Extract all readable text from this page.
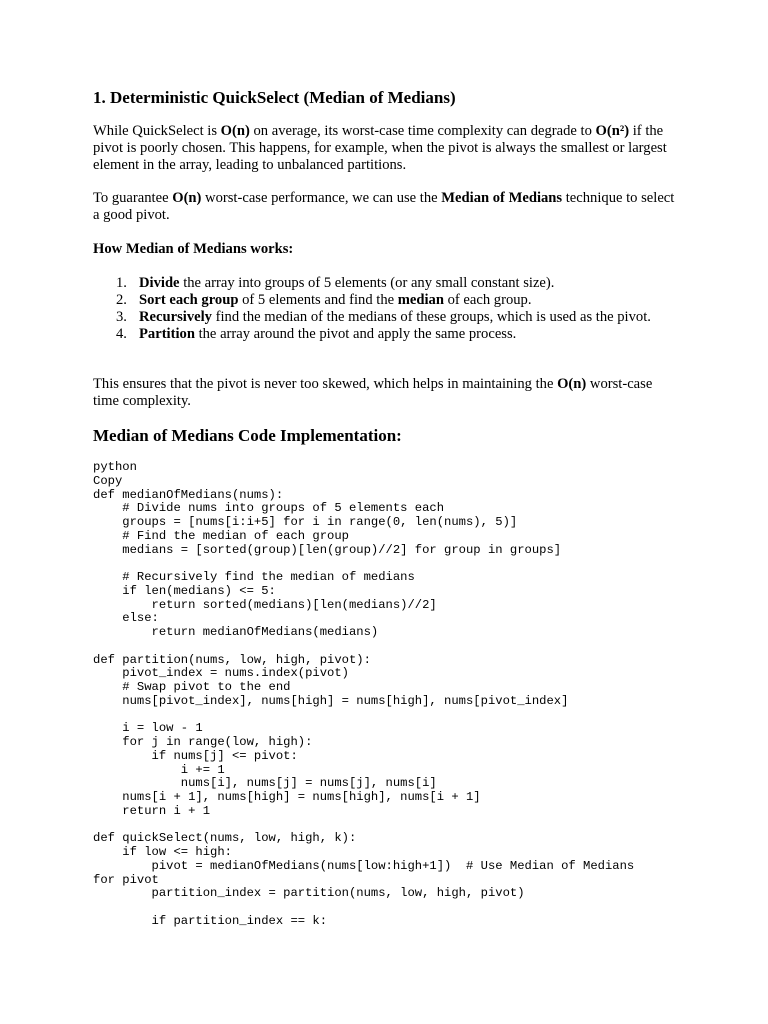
1. Deterministic QuickSelect (Median of Medians)

While QuickSelect is O(n) on average, its worst-case time complexity can degrade to O(n²) if the pivot is poorly chosen. This happens, for example, when the pivot is always the smallest or largest element in the array, leading to unbalanced partitions.

To guarantee O(n) worst-case performance, we can use the Median of Medians technique to select a good pivot.

How Median of Medians works:
1. Divide the array into groups of 5 elements (or any small constant size).
2. Sort each group of 5 elements and find the median of each group.
3. Recursively find the median of the medians of these groups, which is used as the pivot.
4. Partition the array around the pivot and apply the same process.

This ensures that the pivot is never too skewed, which helps in maintaining the O(n) worst-case time complexity.

Median of Medians Code Implementation:
python
Copy
def medianOfMedians(nums):
# Divide nums into groups of 5 elements each
groups = [nums[i:i+5] for i in range(0, len(nums), 5)]
# Find the median of each group
medians = [sorted(group)[len(group)//2] for group in groups]
# Recursively find the median of medians
if len(medians) <= 5:
return sorted(medians)[len(medians)//2]
else:
return medianOfMedians(medians)
def partition(nums, low, high, pivot):
pivot_index = nums.index(pivot)
# Swap pivot to the end
nums[pivot_index], nums[high] = nums[high], nums[pivot_index]
i = low - 1
for j in range(low, high):
if nums[j] <= pivot:
i += 1
nums[i], nums[j] = nums[j], nums[i]
nums[i + 1], nums[high] = nums[high], nums[i + 1]
return i + 1
def quickSelect(nums, low, high, k):
if low <= high:
pivot = medianOfMedians(nums[low:high+1])  # Use Median of Medians
for pivot
partition_index = partition(nums, low, high, pivot)
if partition_index == k:
